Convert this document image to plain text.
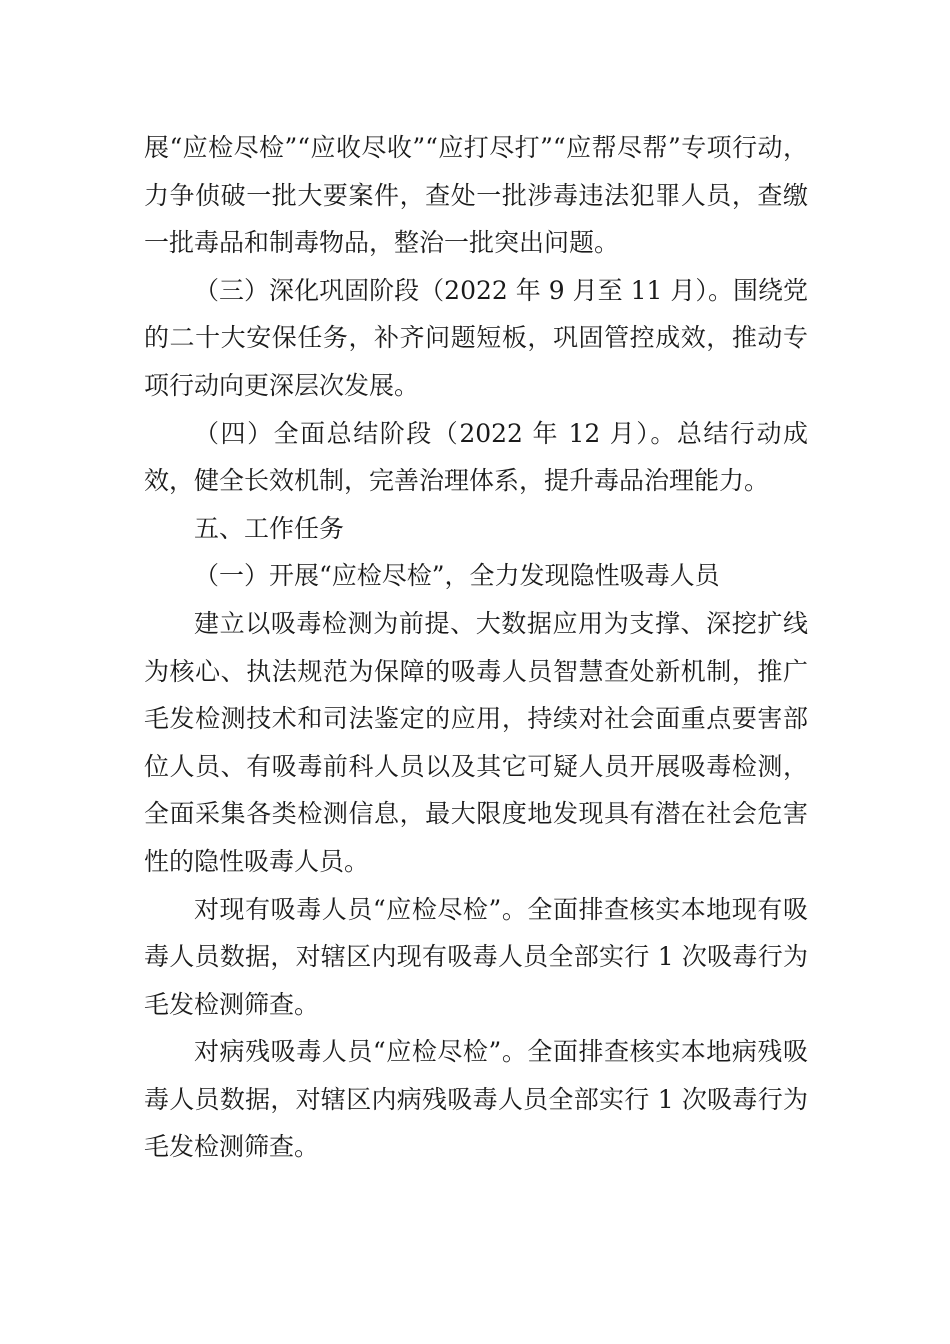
展“应检尽检”“应收尽收”“应打尽打”“应帮尽帮”专项行动，力争侦破一批大要案件，查处一批涉毒违法犯罪人员，查缴一批毒品和制毒物品，整治一批突出问题。

（三）深化巩固阶段（2022 年 9 月至 11 月）。围绕党的二十大安保任务，补齐问题短板，巩固管控成效，推动专项行动向更深层次发展。

（四）全面总结阶段（2022 年 12 月）。总结行动成效，健全长效机制，完善治理体系，提升毒品治理能力。

五、工作任务

（一）开展“应检尽检”，全力发现隐性吸毒人员

建立以吸毒检测为前提、大数据应用为支撑、深挖扩线为核心、执法规范为保障的吸毒人员智慧查处新机制，推广毛发检测技术和司法鉴定的应用，持续对社会面重点要害部位人员、有吸毒前科人员以及其它可疑人员开展吸毒检测，全面采集各类检测信息，最大限度地发现具有潜在社会危害性的隐性吸毒人员。

对现有吸毒人员“应检尽检”。全面排查核实本地现有吸毒人员数据，对辖区内现有吸毒人员全部实行 1 次吸毒行为毛发检测筛查。

对病残吸毒人员“应检尽检”。全面排查核实本地病残吸毒人员数据，对辖区内病残吸毒人员全部实行 1 次吸毒行为毛发检测筛查。
